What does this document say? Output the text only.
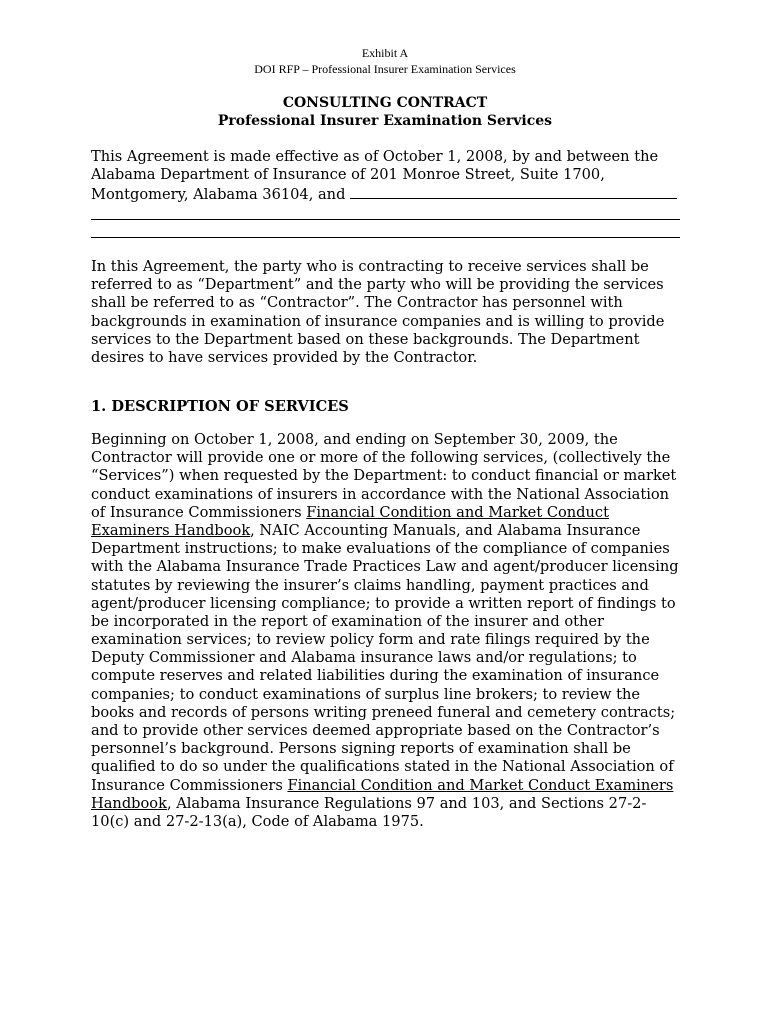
Exhibit A
DOI RFP – Professional Insurer Examination Services
CONSULTING CONTRACT
Professional Insurer Examination Services
This Agreement is made effective as of October 1, 2008, by and between the
Alabama Department of Insurance of 201 Monroe Street, Suite 1700,
Montgomery, Alabama 36104, and
In this Agreement, the party who is contracting to receive services shall be
referred to as “Department” and the party who will be providing the services
shall be referred to as “Contractor”. The Contractor has personnel with
backgrounds in examination of insurance companies and is willing to provide
services to the Department based on these backgrounds. The Department
desires to have services provided by the Contractor.
1. DESCRIPTION OF SERVICES
Beginning on October 1, 2008, and ending on September 30, 2009, the
Contractor will provide one or more of the following services, (collectively the
“Services”) when requested by the Department: to conduct financial or market
conduct examinations of insurers in accordance with the National Association
of Insurance Commissioners Financial Condition and Market Conduct
Examiners Handbook, NAIC Accounting Manuals, and Alabama Insurance
Department instructions; to make evaluations of the compliance of companies
with the Alabama Insurance Trade Practices Law and agent/producer licensing
statutes by reviewing the insurer’s claims handling, payment practices and
agent/producer licensing compliance; to provide a written report of findings to
be incorporated in the report of examination of the insurer and other
examination services; to review policy form and rate filings required by the
Deputy Commissioner and Alabama insurance laws and/or regulations; to
compute reserves and related liabilities during the examination of insurance
companies; to conduct examinations of surplus line brokers; to review the
books and records of persons writing preneed funeral and cemetery contracts;
and to provide other services deemed appropriate based on the Contractor’s
personnel’s background. Persons signing reports of examination shall be
qualified to do so under the qualifications stated in the National Association of
Insurance Commissioners Financial Condition and Market Conduct Examiners
Handbook, Alabama Insurance Regulations 97 and 103, and Sections 27-2-
10(c) and 27-2-13(a), Code of Alabama 1975.
